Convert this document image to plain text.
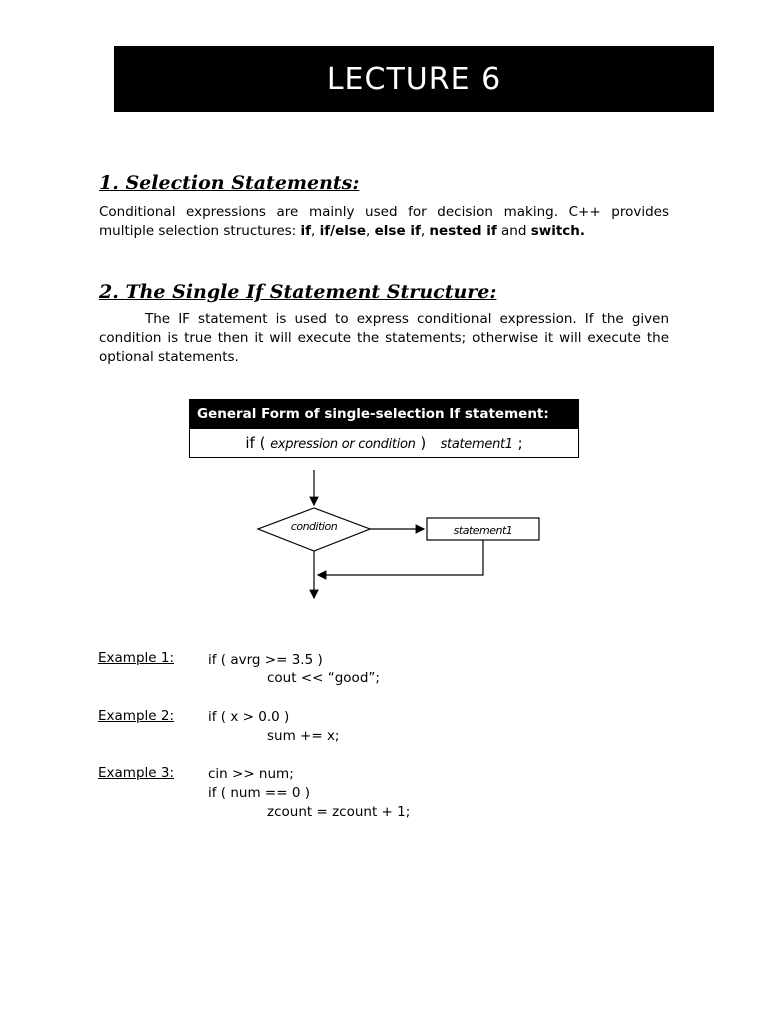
LECTURE 6
1. Selection Statements:

Conditional expressions are mainly used for decision making. C++ provides multiple selection structures: if, if/else, else if, nested if and switch.

2. The Single If Statement Structure:

The IF statement is used to express conditional expression. If the given condition is true then it will execute the statements; otherwise it will execute the optional statements.

General Form of single-selection If statement:
if ( expression or condition ) statement1 ;
condition	statement1
Example 1:	if ( avrg >= 3.5 )
cout << “good”;
Example 2:	if ( x > 0.0 )
sum += x;
Example 3:	cin >> num;
if ( num == 0 )
zcount = zcount + 1;
